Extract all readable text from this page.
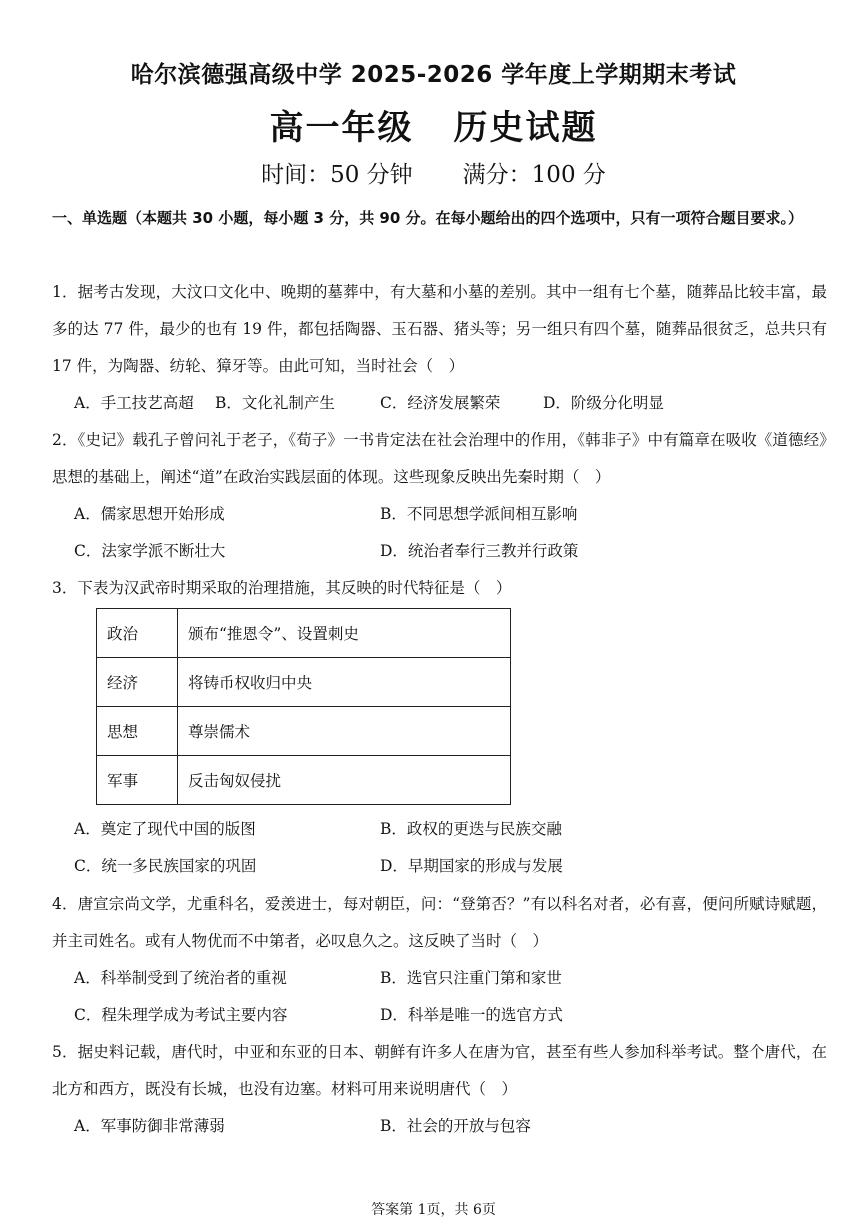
哈尔滨德强高级中学 2025-2026 学年度上学期期末考试
高一年级 历史试题
时间：50 分钟 满分：100 分
一、单选题（本题共 30 小题，每小题 3 分，共 90 分。在每小题给出的四个选项中，只有一项符合题目要求。）
1．据考古发现，大汶口文化中、晚期的墓葬中，有大墓和小墓的差别。其中一组有七个墓，随葬品比较丰富，最多的达 77 件，最少的也有 19 件，都包括陶器、玉石器、猪头等；另一组只有四个墓，随葬品很贫乏，总共只有 17 件，为陶器、纺轮、獐牙等。由此可知，当时社会（　）
A．手工技艺高超 B．文化礼制产生	C．经济发展繁荣	D．阶级分化明显
2．《史记》载孔子曾问礼于老子，《荀子》一书肯定法在社会治理中的作用，《韩非子》中有篇章在吸收《道德经》思想的基础上，阐述“道”在政治实践层面的体现。这些现象反映出先秦时期（　）
A．儒家思想开始形成	B．不同思想学派间相互影响
C．法家学派不断壮大	D．统治者奉行三教并行政策
3．下表为汉武帝时期采取的治理措施，其反映的时代特征是（　）
政治	颁布“推恩令”、设置刺史
经济	将铸币权收归中央
思想	尊崇儒术
军事	反击匈奴侵扰
A．奠定了现代中国的版图	B．政权的更迭与民族交融
C．统一多民族国家的巩固	D．早期国家的形成与发展
4．唐宣宗尚文学，尤重科名，爱羡进士，每对朝臣，问：“登第否？”有以科名对者，必有喜，便问所赋诗赋题，并主司姓名。或有人物优而不中第者，必叹息久之。这反映了当时（　）
A．科举制受到了统治者的重视	B．选官只注重门第和家世
C．程朱理学成为考试主要内容	D．科举是唯一的选官方式
5．据史料记载，唐代时，中亚和东亚的日本、朝鲜有许多人在唐为官，甚至有些人参加科举考试。整个唐代，在北方和西方，既没有长城，也没有边塞。材料可用来说明唐代（　）
A．军事防御非常薄弱	B．社会的开放与包容
答案第 1页，共 6页
